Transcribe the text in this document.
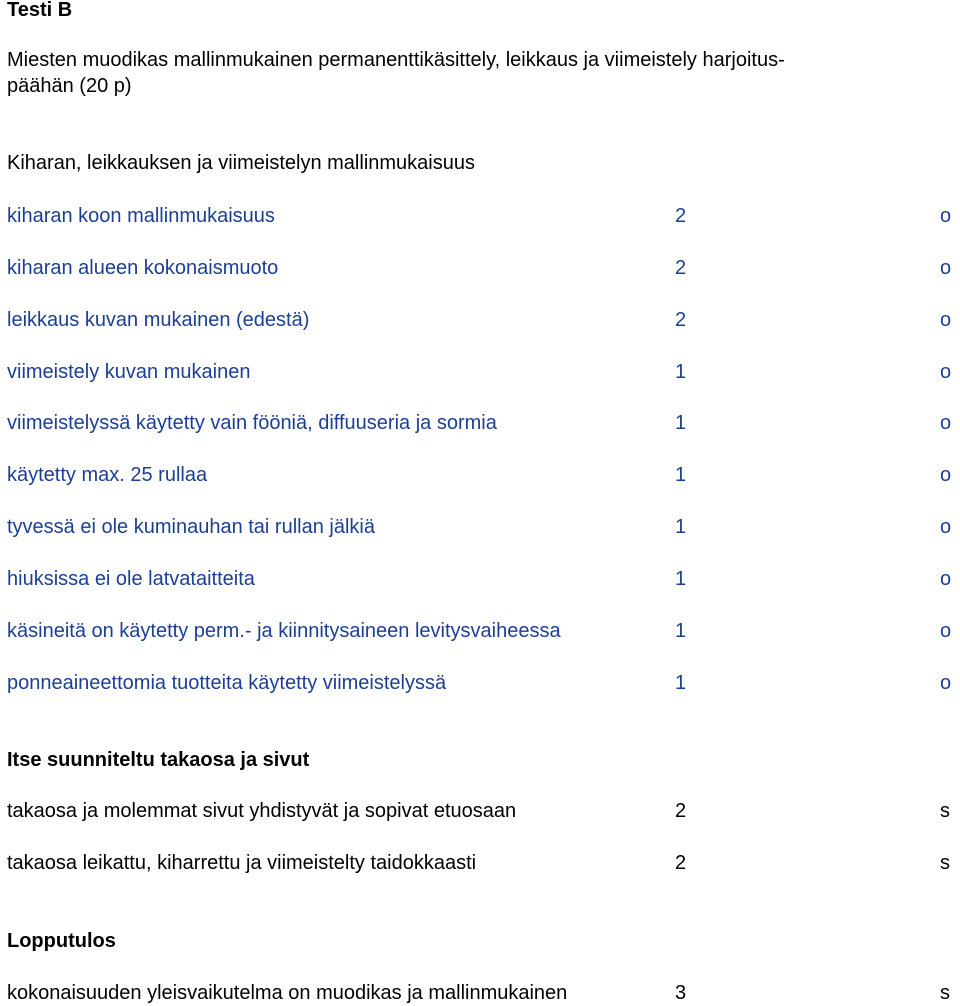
Testi B
Miesten muodikas mallinmukainen permanenttikäsittely, leikkaus ja viimeistely harjoitus-
päähän (20 p)
Kiharan, leikkauksen ja viimeistelyn mallinmukaisuus
kiharan koon mallinmukaisuus	2	o
kiharan alueen kokonaismuoto	2	o
leikkaus kuvan mukainen (edestä)	2	o
viimeistely kuvan mukainen	1	o
viimeistelyssä käytetty vain fööniä, diffuuseria ja sormia	1	o
käytetty max. 25 rullaa	1	o
tyvessä ei ole kuminauhan tai rullan jälkiä	1	o
hiuksissa ei ole latvataitteita	1	o
käsineitä on käytetty perm.- ja kiinnitysaineen levitysvaiheessa	1	o
ponneaineettomia tuotteita käytetty viimeistelyssä	1	o
Itse suunniteltu takaosa ja sivut
takaosa ja molemmat sivut yhdistyvät ja sopivat etuosaan	2	s
takaosa leikattu, kiharrettu ja viimeistelty taidokkaasti	2	s
Lopputulos
kokonaisuuden yleisvaikutelma on muodikas ja mallinmukainen	3	s
